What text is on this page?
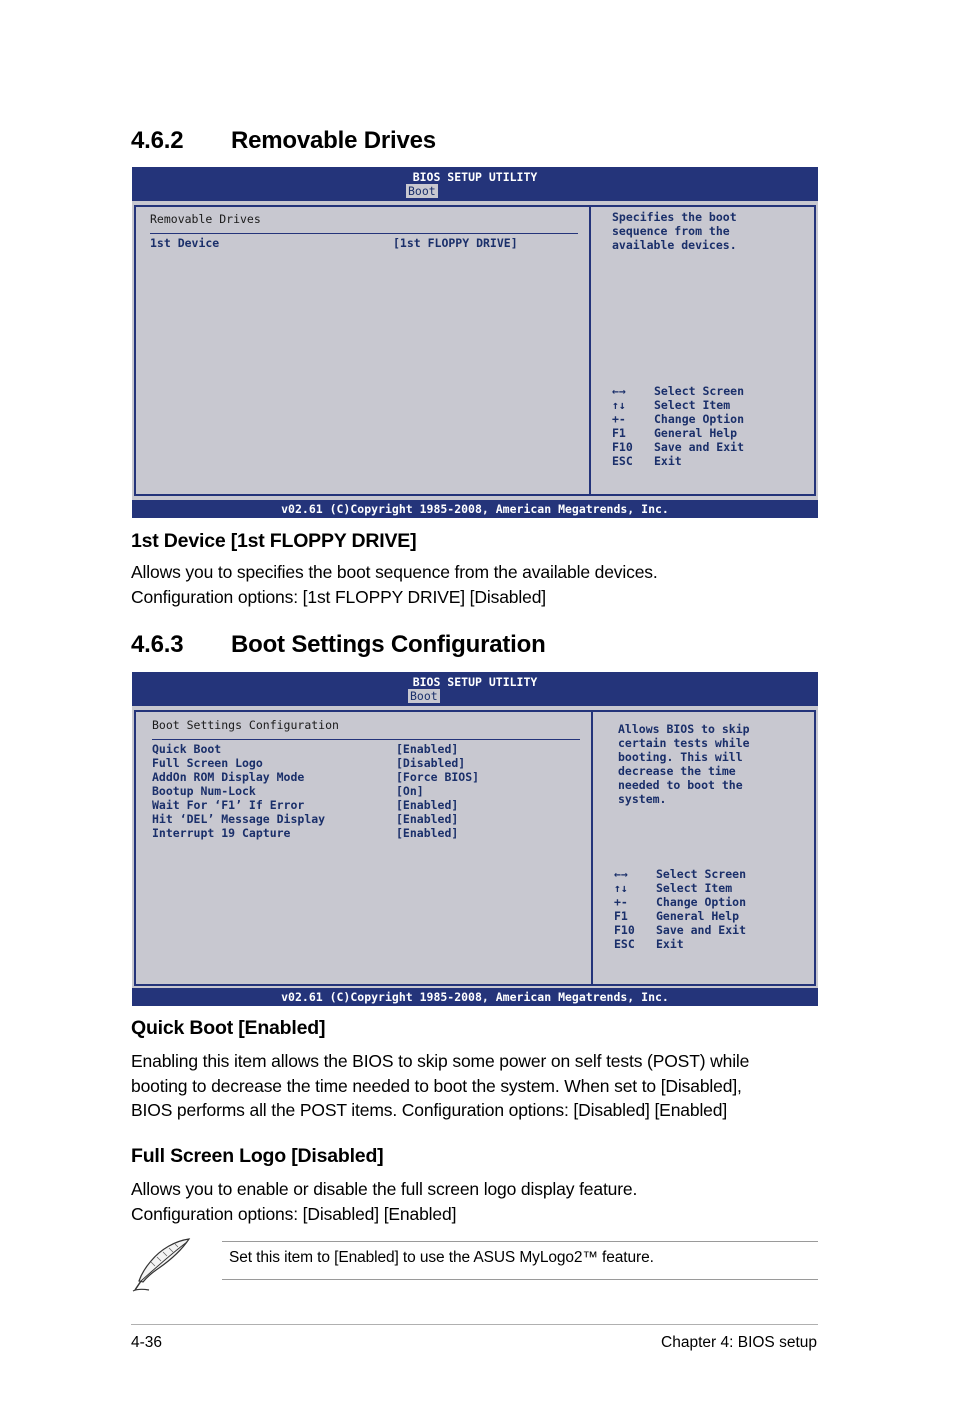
4.6.2 Removable Drives
BIOS SETUP UTILITY
Boot
Removable Drives
1st Device	[1st FLOPPY DRIVE]
Specifies the boot
sequence from the
available devices.
←→ Select Screen
↑↓ Select Item
+- Change Option
F1 General Help
F10 Save and Exit
ESC Exit
v02.61 (C)Copyright 1985-2008, American Megatrends, Inc.
1st Device [1st FLOPPY DRIVE]
Allows you to specifies the boot sequence from the available devices.
Configuration options: [1st FLOPPY DRIVE] [Disabled]
4.6.3 Boot Settings Configuration
BIOS SETUP UTILITY
Boot
Boot Settings Configuration
Quick Boot	[Enabled]
Full Screen Logo	[Disabled]
AddOn ROM Display Mode	[Force BIOS]
Bootup Num-Lock	[On]
Wait For ‘F1’ If Error	[Enabled]
Hit ‘DEL’ Message Display	[Enabled]
Interrupt 19 Capture	[Enabled]
Allows BIOS to skip
certain tests while
booting. This will
decrease the time
needed to boot the
system.
←→ Select Screen
↑↓ Select Item
+- Change Option
F1 General Help
F10 Save and Exit
ESC Exit
v02.61 (C)Copyright 1985-2008, American Megatrends, Inc.
Quick Boot [Enabled]
Enabling this item allows the BIOS to skip some power on self tests (POST) while
booting to decrease the time needed to boot the system. When set to [Disabled],
BIOS performs all the POST items. Configuration options: [Disabled] [Enabled]
Full Screen Logo [Disabled]
Allows you to enable or disable the full screen logo display feature.
Configuration options: [Disabled] [Enabled]
Set this item to [Enabled] to use the ASUS MyLogo2™ feature.
4-36	Chapter 4: BIOS setup
